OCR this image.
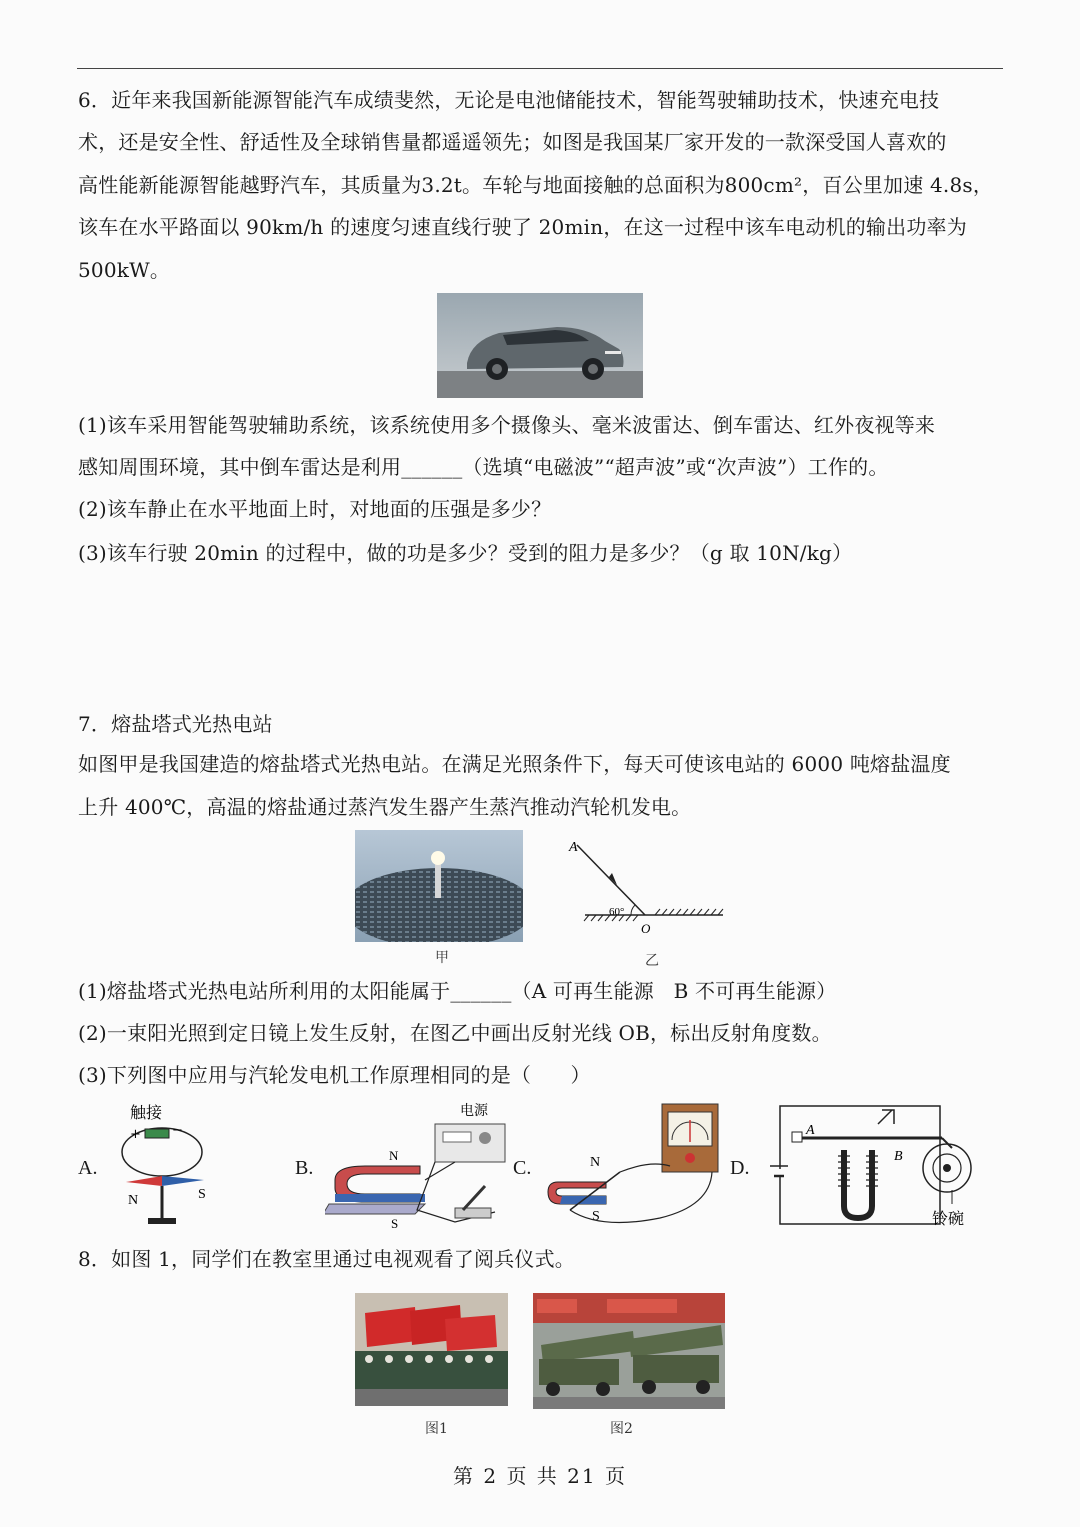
6．近年来我国新能源智能汽车成绩斐然，无论是电池储能技术，智能驾驶辅助技术，快速充电技
术，还是安全性、舒适性及全球销售量都遥遥领先；如图是我国某厂家开发的一款深受国人喜欢的
高性能新能源智能越野汽车，其质量为3.2t。车轮与地面接触的总面积为800cm²，百公里加速 4.8s，
该车在水平路面以 90km/h 的速度匀速直线行驶了 20min，在这一过程中该车电动机的输出功率为
500kW。
(1)该车采用智能驾驶辅助系统，该系统使用多个摄像头、毫米波雷达、倒车雷达、红外夜视等来
感知周围环境，其中倒车雷达是利用______（选填“电磁波”“超声波”或“次声波”）工作的。
(2)该车静止在水平地面上时，对地面的压强是多少？
(3)该车行驶 20min 的过程中，做的功是多少？受到的阻力是多少？（g 取 10N/kg）
7．熔盐塔式光热电站
如图甲是我国建造的熔盐塔式光热电站。在满足光照条件下，每天可使该电站的 6000 吨熔盐温度
上升 400℃，高温的熔盐通过蒸汽发生器产生蒸汽推动汽轮机发电。
甲
A
60°
O
乙
(1)熔盐塔式光热电站所利用的太阳能属于______（A 可再生能源   B 不可再生能源）
(2)一束阳光照到定日镜上发生反射，在图乙中画出反射光线 OB，标出反射角度数。
(3)下列图中应用与汽轮发电机工作原理相同的是（      ）
A.
触接
+ −
N	S
B.
电源
N
S
C.	N
S
D.
A
B
铃碗
8．如图 1，同学们在教室里通过电视观看了阅兵仪式。
图1	图2
第 2 页 共 21 页
